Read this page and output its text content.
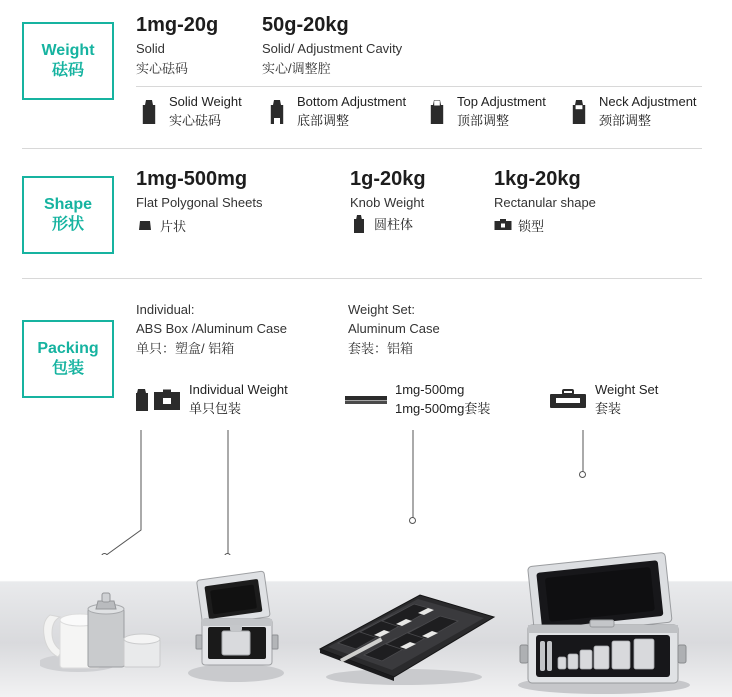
Weight
砝码
1mg-20g
Solid
实心砝码
50g-20kg
Solid/ Adjustment Cavity
实心/调整腔
Solid Weight
实心砝码
Bottom Adjustment
底部调整
Top Adjustment
顶部调整
Neck Adjustment
颈部调整
Shape
形状
1mg-500mg
Flat Polygonal Sheets
片状
1g-20kg
Knob Weight
圆柱体
1kg-20kg
Rectanular shape
锁型
Packing
包装
Individual:
ABS Box /Aluminum Case
单只：塑盒/ 铝箱
Weight Set:
Aluminum Case
套装：铝箱
Individual Weight
单只包装
1mg-500mg
1mg-500mg套装
Weight Set
套装
